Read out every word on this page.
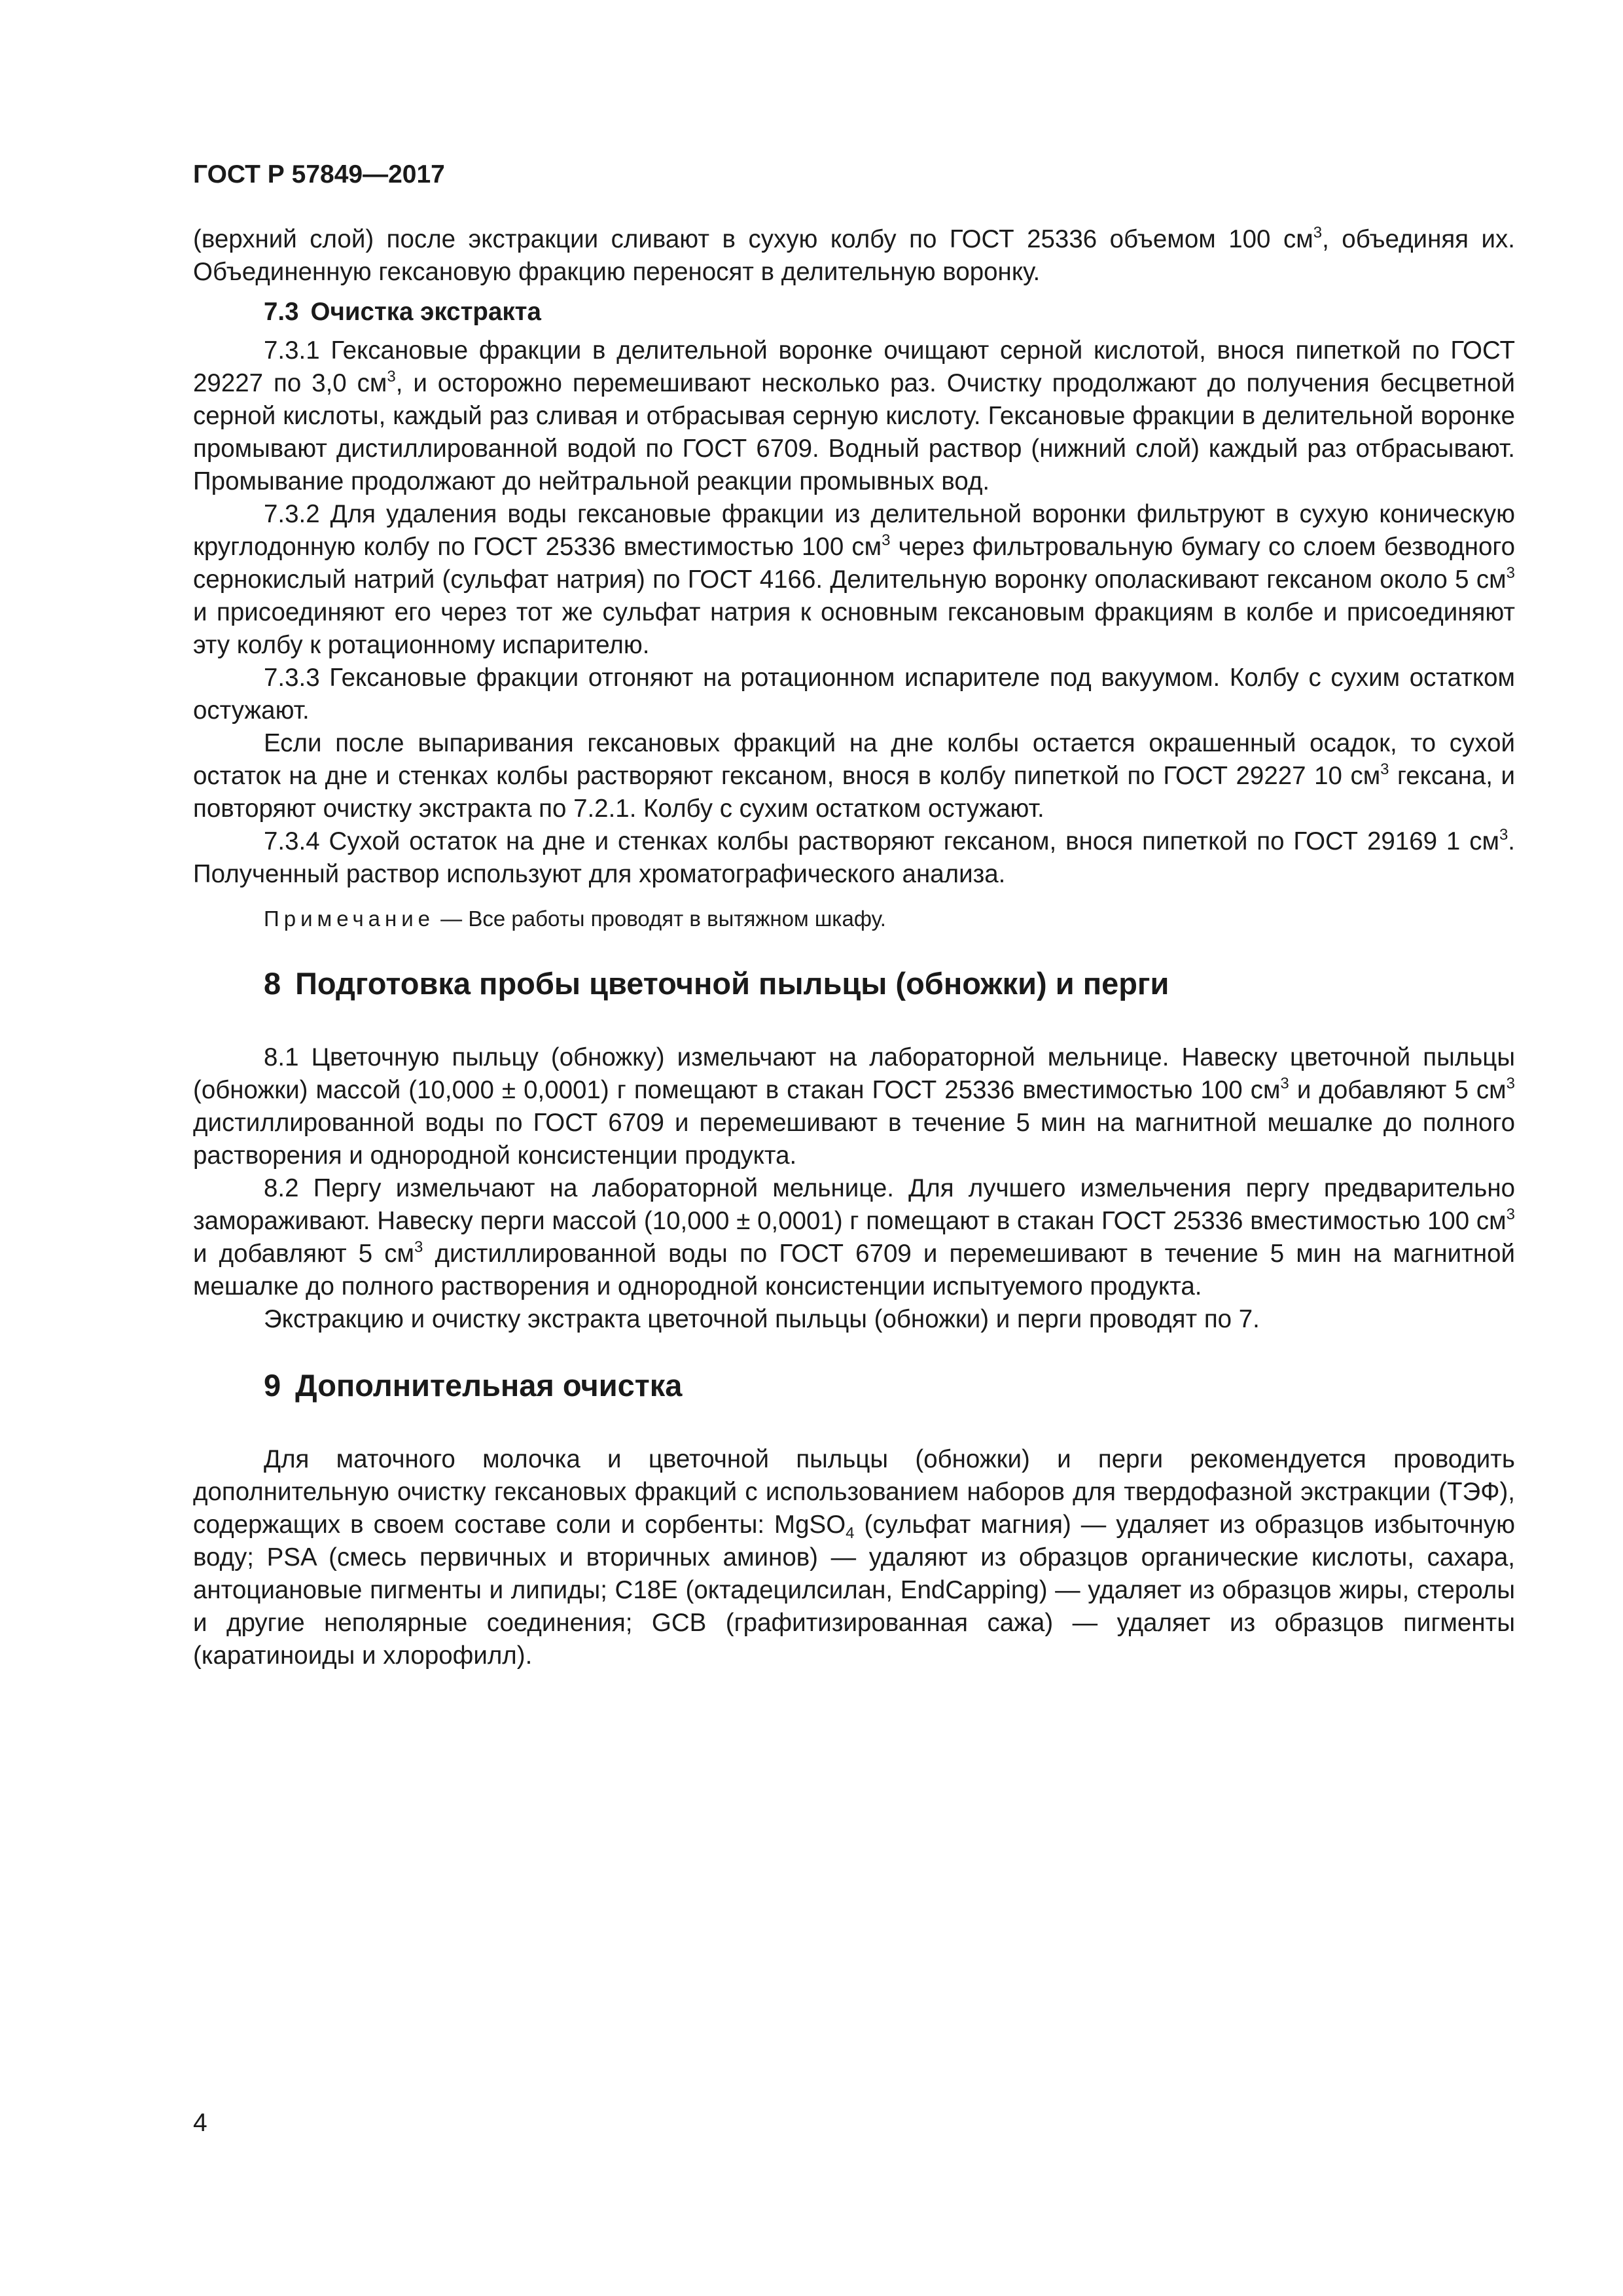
ГОСТ Р 57849—2017

(верхний слой) после экстракции сливают в сухую колбу по ГОСТ 25336 объемом 100 $см^3$, объединяя их. Объединенную гексановую фракцию переносят в делительную воронку.

7.3 Очистка экстракта

7.3.1 Гексановые фракции в делительной воронке очищают серной кислотой, внося пипеткой по ГОСТ 29227 по 3,0 $см^3$, и осторожно перемешивают несколько раз. Очистку продолжают до получения бесцветной серной кислоты, каждый раз сливая и отбрасывая серную кислоту. Гексановые фракции в делительной воронке промывают дистиллированной водой по ГОСТ 6709. Водный раствор (нижний слой) каждый раз отбрасывают. Промывание продолжают до нейтральной реакции промывных вод.

7.3.2 Для удаления воды гексановые фракции из делительной воронки фильтруют в сухую коническую круглодонную колбу по ГОСТ 25336 вместимостью 100 $см^3$ через фильтровальную бумагу со слоем безводного сернокислый натрий (сульфат натрия) по ГОСТ 4166. Делительную воронку ополаскивают гексаном около 5 $см^3$ и присоединяют его через тот же сульфат натрия к основным гексановым фракциям в колбе и присоединяют эту колбу к ротационному испарителю.

7.3.3 Гексановые фракции отгоняют на ротационном испарителе под вакуумом. Колбу с сухим остатком остужают.

Если после выпаривания гексановых фракций на дне колбы остается окрашенный осадок, то сухой остаток на дне и стенках колбы растворяют гексаном, внося в колбу пипеткой по ГОСТ 29227 10 $см^3$ гексана, и повторяют очистку экстракта по 7.2.1. Колбу с сухим остатком остужают.

7.3.4 Сухой остаток на дне и стенках колбы растворяют гексаном, внося пипеткой по ГОСТ 29169 1 $см^3$. Полученный раствор используют для хроматографического анализа.

Примечание — Все работы проводят в вытяжном шкафу.

8 Подготовка пробы цветочной пыльцы (обножки) и перги

8.1 Цветочную пыльцу (обножку) измельчают на лабораторной мельнице. Навеску цветочной пыльцы (обножки) массой (10,000 ± 0,0001) г помещают в стакан ГОСТ 25336 вместимостью 100 $см^3$ и добавляют 5 $см^3$ дистиллированной воды по ГОСТ 6709 и перемешивают в течение 5 мин на магнитной мешалке до полного растворения и однородной консистенции продукта.

8.2 Пергу измельчают на лабораторной мельнице. Для лучшего измельчения пергу предварительно замораживают. Навеску перги массой (10,000 ± 0,0001) г помещают в стакан ГОСТ 25336 вместимостью 100 $см^3$ и добавляют 5 $см^3$ дистиллированной воды по ГОСТ 6709 и перемешивают в течение 5 мин на магнитной мешалке до полного растворения и однородной консистенции испытуемого продукта.

Экстракцию и очистку экстракта цветочной пыльцы (обножки) и перги проводят по 7.

9 Дополнительная очистка

Для маточного молочка и цветочной пыльцы (обножки) и перги рекомендуется проводить дополнительную очистку гексановых фракций с использованием наборов для твердофазной экстракции (ТЭФ), содержащих в своем составе соли и сорбенты: MgSO$_4$ (сульфат магния) — удаляет из образцов избыточную воду; PSA (смесь первичных и вторичных аминов) — удаляют из образцов органические кислоты, сахара, антоциановые пигменты и липиды; C18E (октадецилсилан, EndCapping) — удаляет из образцов жиры, стеролы и другие неполярные соединения; GCB (графитизированная сажа) — удаляет из образцов пигменты (каратиноиды и хлорофилл).

4
